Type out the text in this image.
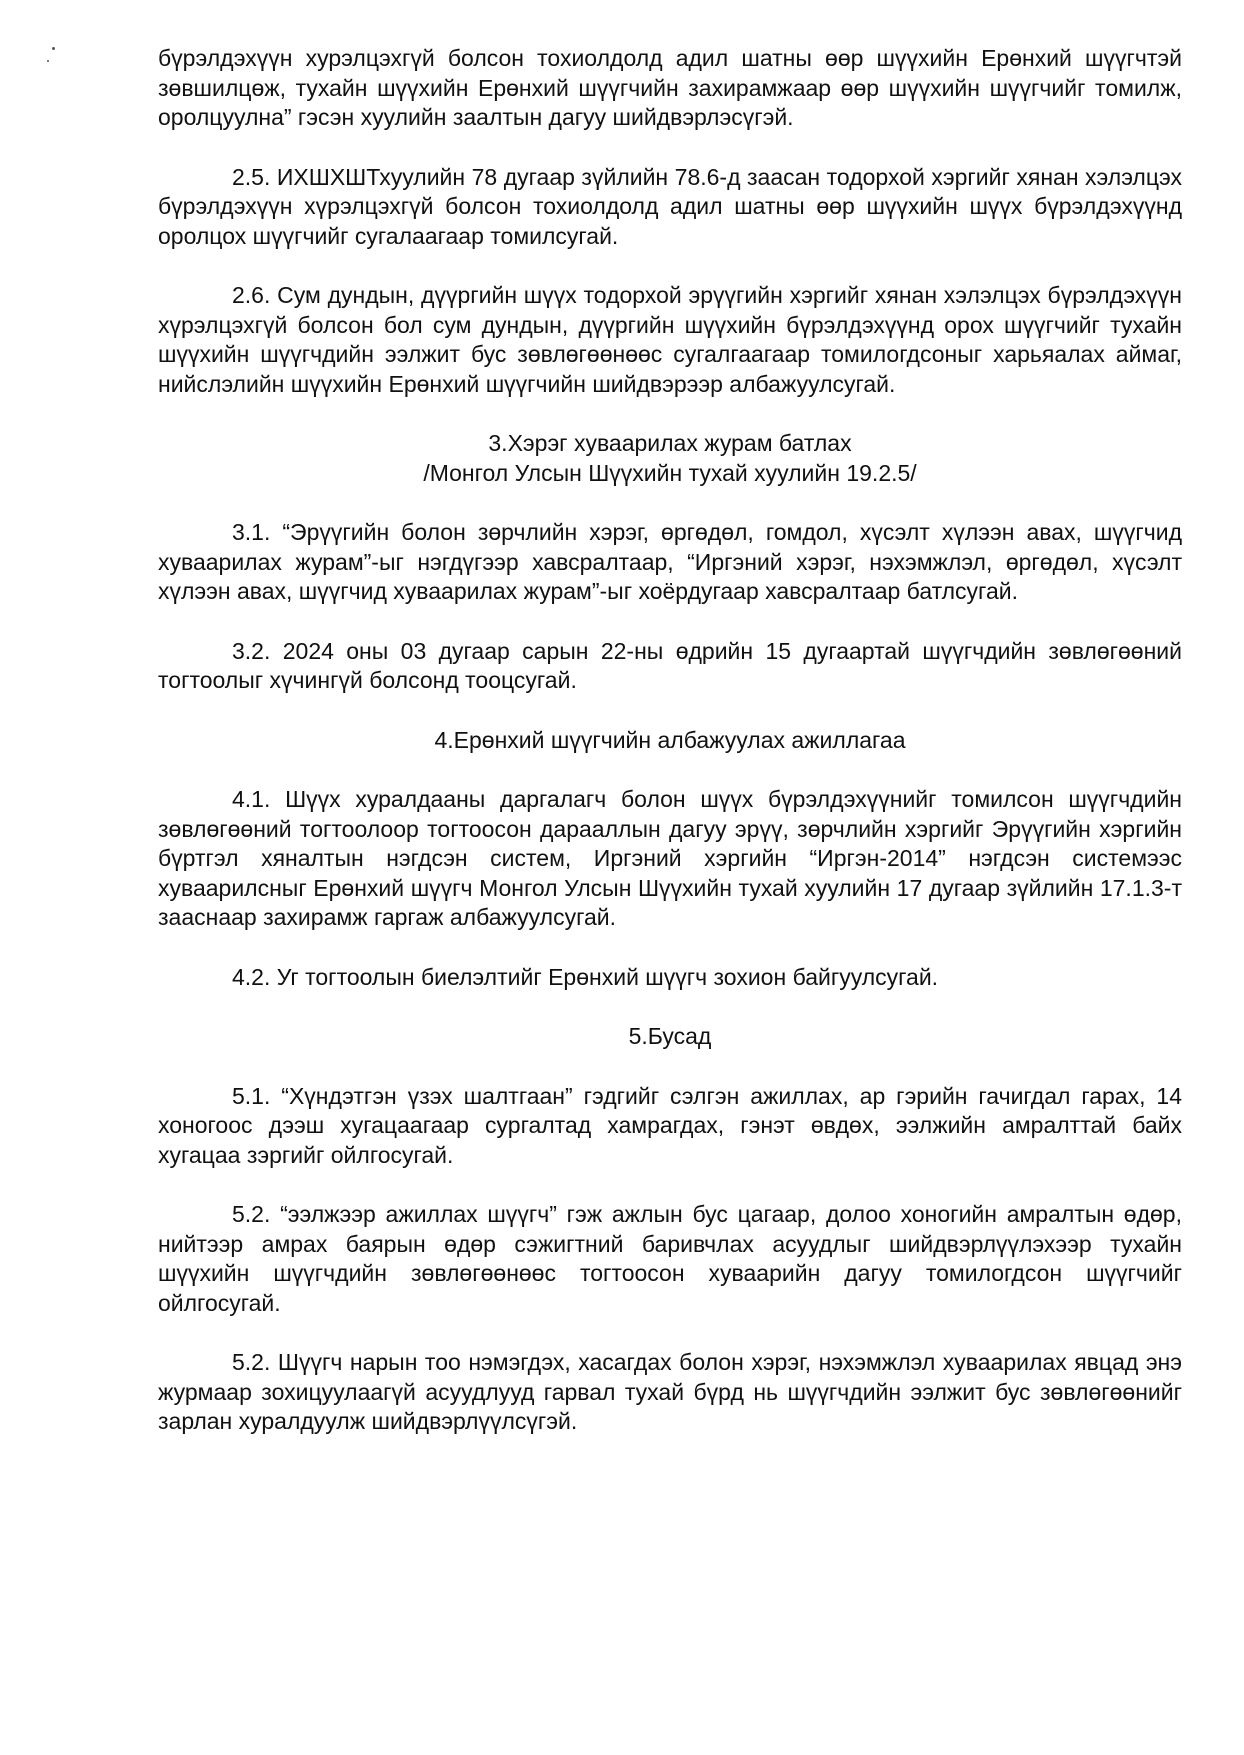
бүрэлдэхүүн хурэлцэхгүй болсон тохиолдолд адил шатны өөр шүүхийн Ерөнхий шүүгчтэй зөвшилцөж, тухайн шүүхийн Ерөнхий шүүгчийн захирамжаар өөр шүүхийн шүүгчийг томилж, оролцуулна” гэсэн хуулийн заалтын дагуу шийдвэрлэсүгэй.

2.5. ИХШХШТхуулийн 78 дугаар зүйлийн 78.6-д заасан тодорхой хэргийг хянан хэлэлцэх бүрэлдэхүүн хүрэлцэхгүй болсон тохиолдолд адил шатны өөр шүүхийн шүүх бүрэлдэхүүнд оролцох шүүгчийг сугалаагаар томилсугай.

2.6. Сум дундын, дүүргийн шүүх тодорхой эрүүгийн хэргийг хянан хэлэлцэх бүрэлдэхүүн хүрэлцэхгүй болсон бол сум дундын, дүүргийн шүүхийн бүрэлдэхүүнд орох шүүгчийг тухайн шүүхийн шүүгчдийн ээлжит бус зөвлөгөөнөөс сугалгаагаар томилогдсоныг харьяалах аймаг, нийслэлийн шүүхийн Ерөнхий шүүгчийн шийдвэрээр албажуулсугай.

3.Хэрэг хуваарилах журам батлах
/Монгол Улсын Шүүхийн тухай хуулийн 19.2.5/

3.1. “Эрүүгийн болон зөрчлийн хэрэг, өргөдөл, гомдол, хүсэлт хүлээн авах, шүүгчид хуваарилах журам”-ыг нэгдүгээр хавсралтаар, “Иргэний хэрэг, нэхэмжлэл, өргөдөл, хүсэлт хүлээн авах, шүүгчид хуваарилах журам”-ыг хоёрдугаар хавсралтаар батлсугай.

3.2. 2024 оны 03 дугаар сарын 22-ны өдрийн 15 дугаартай шүүгчдийн зөвлөгөөний тогтоолыг хүчингүй болсонд тооцсугай.

4.Ерөнхий шүүгчийн албажуулах ажиллагаа

4.1. Шүүх хуралдааны даргалагч болон шүүх бүрэлдэхүүнийг томилсон шүүгчдийн зөвлөгөөний тогтоолоор тогтоосон дарааллын дагуу эрүү, зөрчлийн хэргийг Эрүүгийн хэргийн бүртгэл хяналтын нэгдсэн систем, Иргэний хэргийн “Иргэн-2014” нэгдсэн системээс хуваарилсныг Ерөнхий шүүгч Монгол Улсын Шүүхийн тухай хуулийн 17 дугаар зүйлийн 17.1.3-т зааснаар захирамж гаргаж албажуулсугай.

4.2. Уг тогтоолын биелэлтийг Ерөнхий шүүгч зохион байгуулсугай.

5.Бусад

5.1. “Хүндэтгэн үзэх шалтгаан” гэдгийг сэлгэн ажиллах, ар гэрийн гачигдал гарах, 14 хоногоос дээш хугацаагаар сургалтад хамрагдах, гэнэт өвдөх, ээлжийн амралттай байх хугацаа зэргийг ойлгосугай.

5.2. “ээлжээр ажиллах шүүгч” гэж ажлын бус цагаар, долоо хоногийн амралтын өдөр, нийтээр амрах баярын өдөр сэжигтний баривчлах асуудлыг шийдвэрлүүлэхээр тухайн шүүхийн шүүгчдийн зөвлөгөөнөөс тогтоосон хуваарийн дагуу томилогдсон шүүгчийг ойлгосугай.

5.2. Шүүгч нарын тоо нэмэгдэх, хасагдах болон хэрэг, нэхэмжлэл хуваарилах явцад энэ журмаар зохицуулаагүй асуудлууд гарвал тухай бүрд нь шүүгчдийн ээлжит бус зөвлөгөөнийг зарлан хуралдуулж шийдвэрлүүлсүгэй.
